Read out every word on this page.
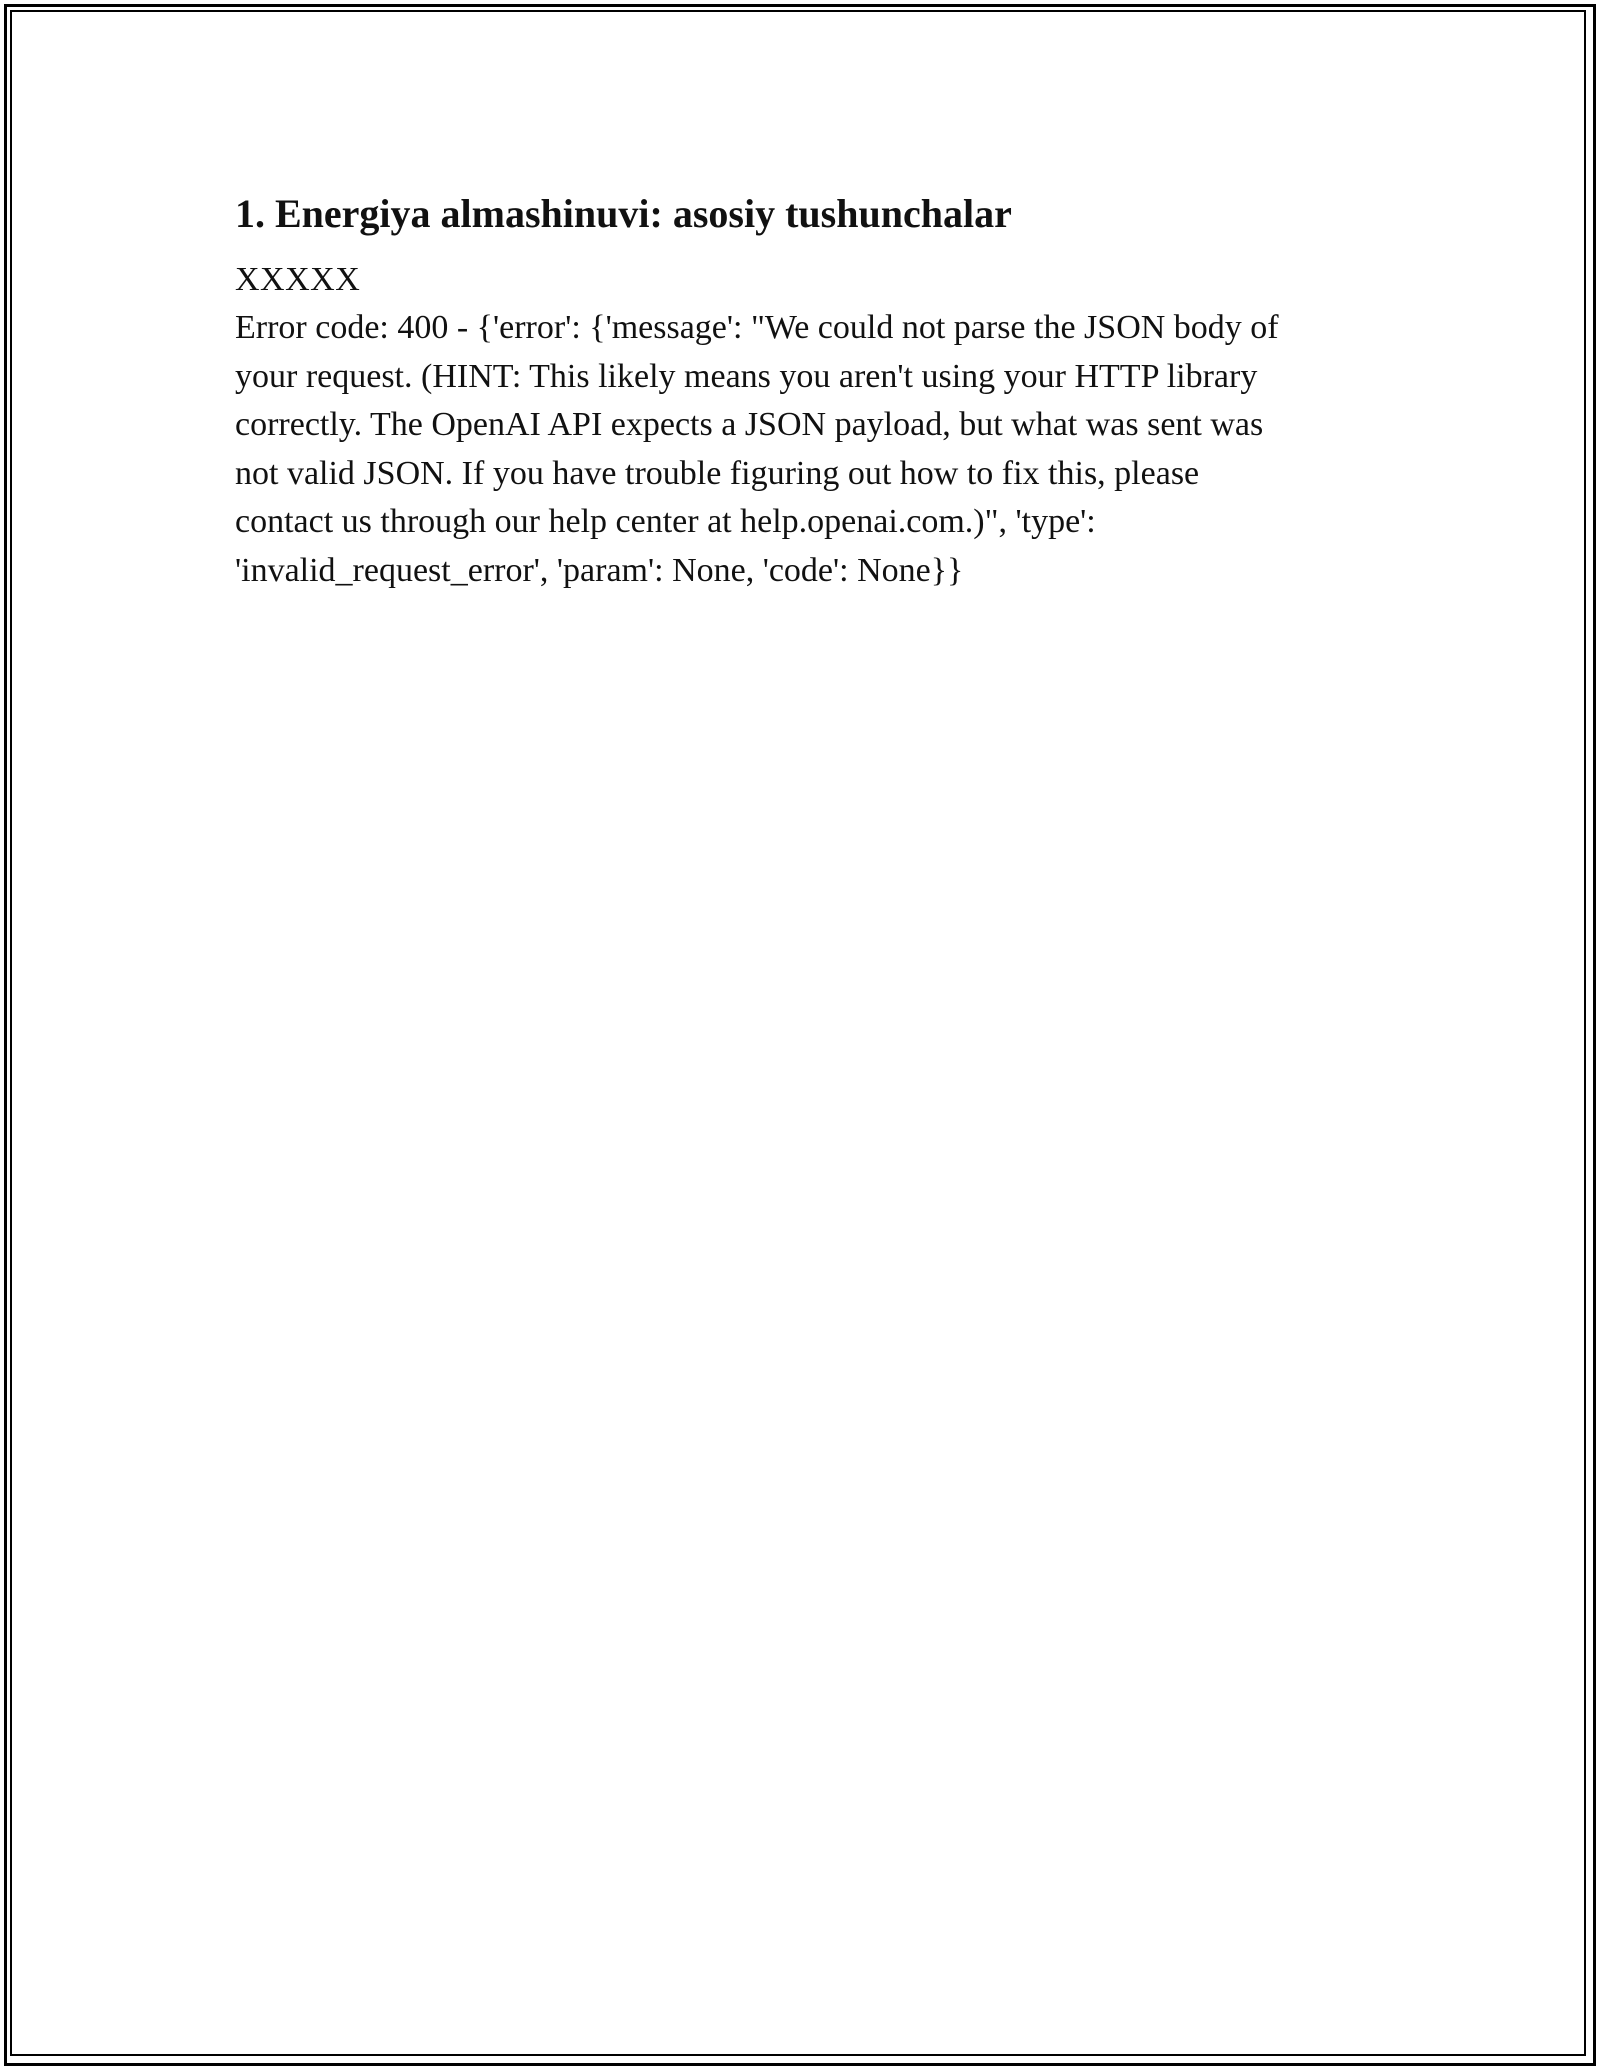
1. Energiya almashinuvi: asosiy tushunchalar
XXXXX
Error code: 400 - {'error': {'message': "We could not parse the JSON body of
your request. (HINT: This likely means you aren't using your HTTP library
correctly. The OpenAI API expects a JSON payload, but what was sent was
not valid JSON. If you have trouble figuring out how to fix this, please
contact us through our help center at help.openai.com.)", 'type':
'invalid_request_error', 'param': None, 'code': None}}
